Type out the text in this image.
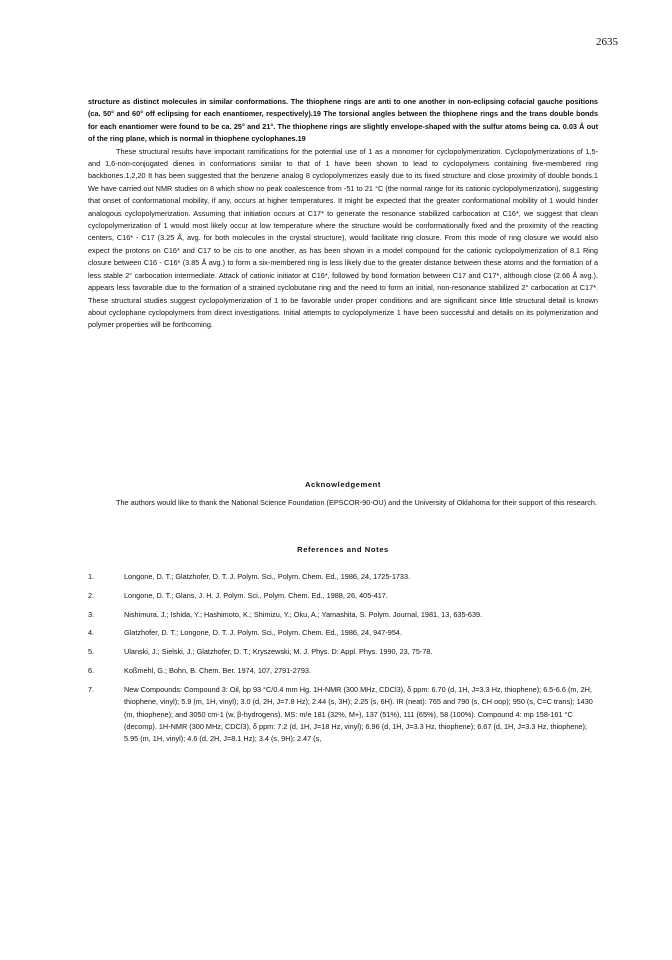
2635

structure as distinct molecules in similar conformations. The thiophene rings are anti to one another in non-eclipsing cofacial gauche positions (ca. 50° and 60° off eclipsing for each enantiomer, respectively).19 The torsional angles between the thiophene rings and the trans double bonds for each enantiomer were found to be ca. 25° and 21°. The thiophene rings are slightly envelope-shaped with the sulfur atoms being ca. 0.03 Å out of the ring plane, which is normal in thiophene cyclophanes.19

These structural results have important ramifications for the potential use of 1 as a monomer for cyclopolymerization. Cyclopolymerizations of 1,5- and 1,6-non-conjugated dienes in conformations similar to that of 1 have been shown to lead to cyclopolymers containing five-membered ring backbones.1,2,20 It has been suggested that the benzene analog 8 cyclopolymerizes easily due to its fixed structure and close proximity of double bonds.1 We have carried out NMR studies on 8 which show no peak coalescence from -51 to 21 °C (the normal range for its cationic cyclopolymerization), suggesting that onset of conformational mobility, if any, occurs at higher temperatures. It might be expected that the greater conformational mobility of 1 would hinder analogous cyclopolymerization. Assuming that initiation occurs at C17* to generate the resonance stabilized carbocation at C16*, we suggest that clean cyclopolymerization of 1 would most likely occur at low temperature where the structure would be conformationally fixed and the proximity of the reacting centers, C16* - C17 (3.25 Å, avg. for both molecules in the crystal structure), would facilitate ring closure. From this mode of ring closure we would also expect the protons on C16* and C17 to be cis to one another, as has been shown in a model compound for the cationic cyclopolymerization of 8.1 Ring closure between C16 - C16* (3.85 Å avg.) to form a six-membered ring is less likely due to the greater distance between these atoms and the formation of a less stable 2° carbocation intermediate. Attack of cationic initiator at C16*, followed by bond formation between C17 and C17*, although close (2.66 Å avg.), appears less favorable due to the formation of a strained cyclobutane ring and the need to form an initial, non-resonance stabilized 2° carbocation at C17*. These structural studies suggest cyclopolymerization of 1 to be favorable under proper conditions and are significant since little structural detail is known about cyclophane cyclopolymers from direct investigations. Initial attempts to cyclopolymerize 1 have been successful and details on its polymerization and polymer properties will be forthcoming.

Acknowledgement

The authors would like to thank the National Science Foundation (EPSCOR-90-OU) and the University of Oklahoma for their support of this research.

References and Notes
1.	Longone, D. T.; Glatzhofer, D. T. J. Polym. Sci., Polym. Chem. Ed., 1986, 24, 1725-1733.
2.	Longone, D. T.; Glans, J. H. J. Polym. Sci., Polym. Chem. Ed., 1988, 26, 405-417.
3.	Nishimura, J.; Ishida, Y.; Hashimoto, K.; Shimizu, Y.; Oku, A.; Yamashita, S. Polym. Journal, 1981, 13, 635-639.
4.	Glatzhofer, D. T.; Longone, D. T. J. Polym. Sci., Polym. Chem. Ed., 1986, 24, 947-954.
5.	Ulanski, J.; Sielski, J.; Glatzhofer, D. T.; Kryszewski, M. J. Phys. D: Appl. Phys. 1990, 23, 75-78.
6.	Koßmehl, G.; Bohn, B. Chem. Ber. 1974, 107, 2791-2793.
7.	New Compounds: Compound 3: Oil, bp 93 °C/0.4 mm Hg. 1H-NMR (300 MHz, CDCl3), δ ppm: 6.70 (d, 1H, J=3.3 Hz, thiophene); 6.5-6.6 (m, 2H, thiophene, vinyl); 5.9 (m, 1H, vinyl); 3.0 (d, 2H, J=7.8 Hz); 2.44 (s, 3H); 2.25 (s, 6H). IR (neat): 765 and 790 (s, CH oop); 950 (s, C=C trans); 1430 (m, thiophene); and 3050 cm-1 (w, β-hydrogens). MS: m/e 181 (32%, M+), 137 (51%), 111 (65%), 58 (100%). Compound 4: mp 158-161 °C (decomp). 1H-NMR (300 MHz, CDCl3), δ ppm: 7.2 (d, 1H, J=18 Hz, vinyl); 6.96 (d, 1H, J=3.3 Hz, thiophene); 6.67 (d, 1H, J=3.3 Hz, thiophene); 5.95 (m, 1H, vinyl); 4.6 (d, 2H, J=8.1 Hz); 3.4 (s, 9H); 2.47 (s,
